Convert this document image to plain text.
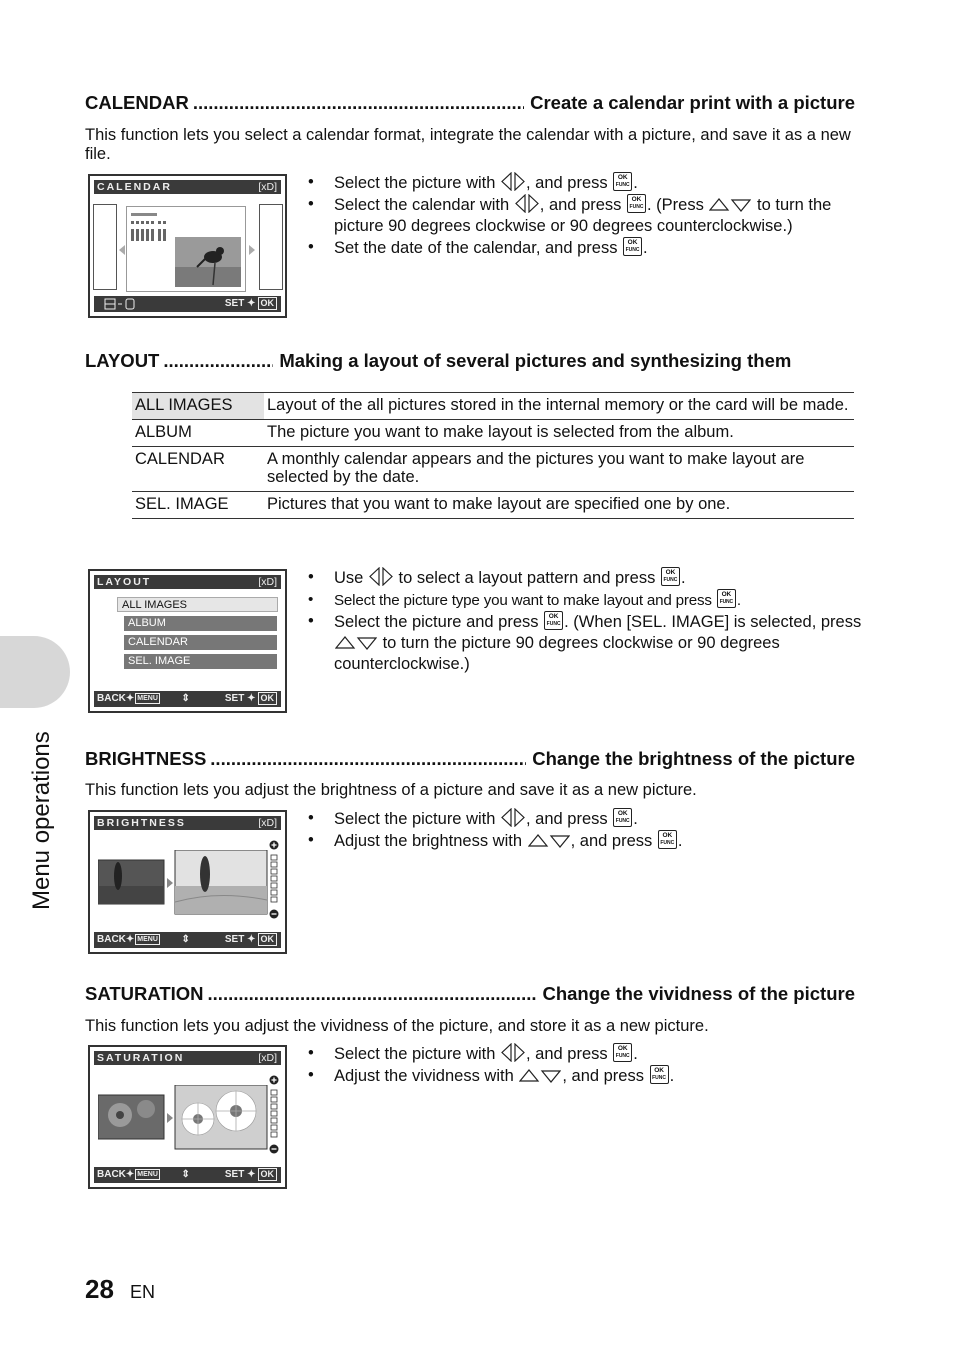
Menu operations
CALENDAR .....	Create a calendar print with a picture
This function lets you select a calendar format, integrate the calendar with a picture, and save it as a new file.
CALENDAR	[xD]
SET ✦ OK
• Select the picture with , and press OK FUNC.
• Select the calendar with , and press OK FUNC. (Press	to turn the picture 90 degrees clockwise or 90 degrees counterclockwise.)
• Set the date of the calendar, and press OK FUNC.
LAYOUT .....	Making a layout of several pictures and synthesizing them
ALL IMAGES	Layout of the all pictures stored in the internal memory or the card will be made.
ALBUM	The picture you want to make layout is selected from the album.
CALENDAR	A monthly calendar appears and the pictures you want to make layout are selected by the date.
SEL. IMAGE	Pictures that you want to make layout are specified one by one.
LAYOUT	[xD]
ALL IMAGES
ALBUM
CALENDAR
SEL. IMAGE
BACK✦ MENU ⇕	SET ✦ OK
• Use  to select a layout pattern and press OK FUNC.
• Select the picture type you want to make layout and press OK FUNC.
• Select the picture and press OK FUNC. (When [SEL. IMAGE] is selected, press  to turn the picture 90 degrees clockwise or 90 degrees counterclockwise.)
BRIGHTNESS .....	Change the brightness of the picture
This function lets you adjust the brightness of a picture and save it as a new picture.
BRIGHTNESS	[xD]
BACK✦ MENU ⇕	SET ✦ OK
• Select the picture with , and press OK FUNC.
• Adjust the brightness with	, and press OK FUNC.
SATURATION .....	Change the vividness of the picture
This function lets you adjust the vividness of the picture, and store it as a new picture.
SATURATION	[xD]
BACK✦ MENU ⇕	SET ✦ OK
• Select the picture with , and press OK FUNC.
• Adjust the vividness with	, and press OK FUNC.
28 EN
